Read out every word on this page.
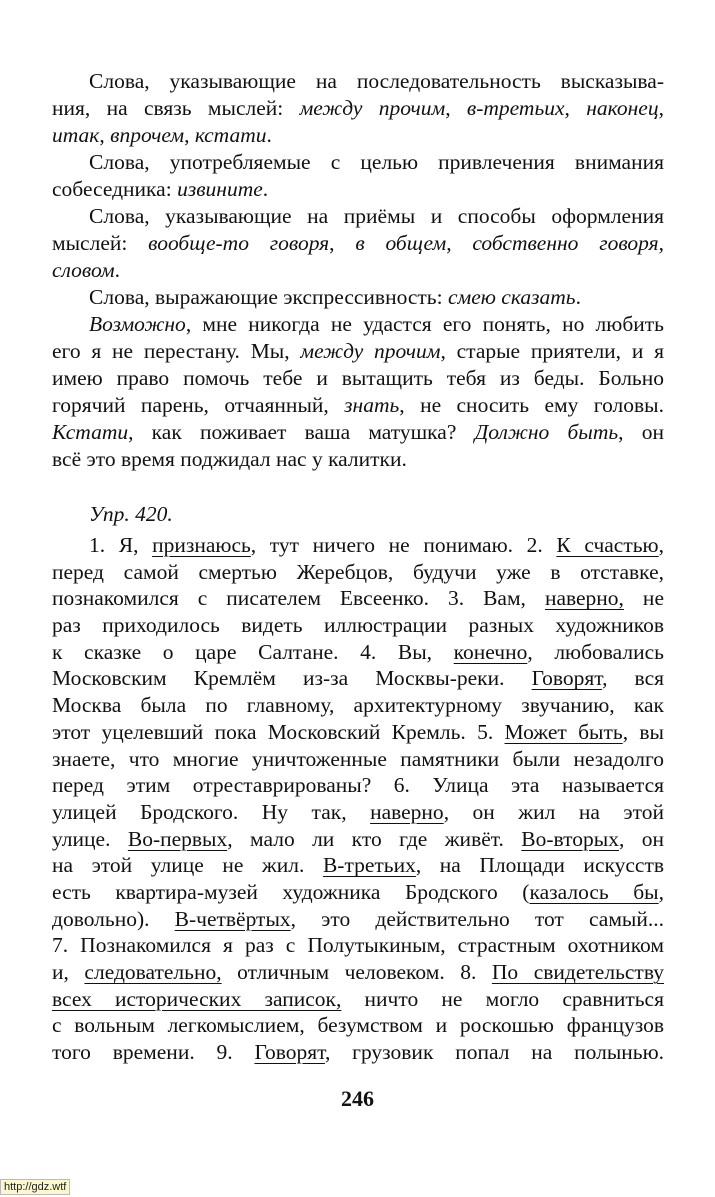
Слова, указывающие на последовательность высказыва-
ния, на связь мыслей: между прочим, в-третьих, наконец,
итак, впрочем, кстати.
Слова, употребляемые с целью привлечения внимания
собеседника: извините.
Слова, указывающие на приёмы и способы оформления
мыслей: вообще-то говоря, в общем, собственно говоря,
словом.
Слова, выражающие экспрессивность: смею сказать.
Возможно, мне никогда не удастся его понять, но любить
его я не перестану. Мы, между прочим, старые приятели, и я
имею право помочь тебе и вытащить тебя из беды. Больно
горячий парень, отчаянный, знать, не сносить ему головы.
Кстати, как поживает ваша матушка? Должно быть, он
всё это время поджидал нас у калитки.
Упр. 420.
1. Я, признаюсь, тут ничего не понимаю. 2. К счастью,
перед самой смертью Жеребцов, будучи уже в отставке,
познакомился с писателем Евсеенко. 3. Вам, наверно, не
раз приходилось видеть иллюстрации разных художников
к сказке о царе Салтане. 4. Вы, конечно, любовались
Московским Кремлём из-за Москвы-реки. Говорят, вся
Москва была по главному, архитектурному звучанию, как
этот уцелевший пока Московский Кремль. 5. Может быть, вы
знаете, что многие уничтоженные памятники были незадолго
перед этим отреставрированы? 6. Улица эта называется
улицей Бродского. Ну так, наверно, он жил на этой
улице. Во-первых, мало ли кто где живёт. Во-вторых, он
на этой улице не жил. В-третьих, на Площади искусств
есть квартира-музей художника Бродского (казалось бы,
довольно). В-четвёртых, это действительно тот самый...
7. Познакомился я раз с Полутыкиным, страстным охотником
и, следовательно, отличным человеком. 8. По свидетельству
всех исторических записок, ничто не могло сравниться
с вольным легкомыслием, безумством и роскошью французов
того времени. 9. Говорят, грузовик попал на полынью.
246
http://gdz.wtf
